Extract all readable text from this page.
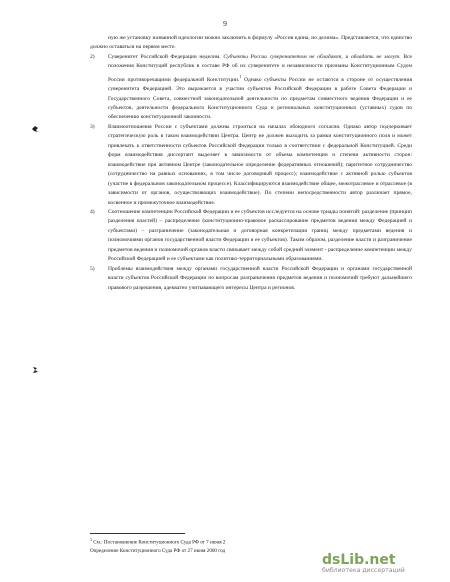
9

ную же установку названной идеологии можно заключить в формулу «Россия едина, но делима». Представляется, что единство должно оставаться на первом месте.

2)	Суверенитет Российской Федерации неделим. Субъекты России суверенитетом не обладают, и обладать не могут. Все положения Конституций республик в составе РФ об их суверенитете и независимости признаны Конституционным Судом России противоречащими федеральной Конституции.$^1$ Однако субъекты России не остаются в стороне от осуществления суверенитета Федерацией. Это выражается в участии субъектов Российской Федерации в работе Совета Федерации и Государственного Совета, совместной законодательной деятельности по предметам совместного ведения Федерации и ее субъектов, деятельности федерального Конституционного Суда и региональных конституционных (уставных) судов по обеспечению конституционной законности.
3)	Взаимоотношения России с субъектами должны строиться на началах обоюдного согласия. Однако автор подчеркивает стратегическую роль в таком взаимодействии Центра. Центр не должен выходить за рамки конституционного поля и может привлекать к ответственности субъектов Российской Федерации только в соответствии с федеральной Конституцией. Среди форм взаимодействия диссертант выделяет в зависимости от объема компетенции и степени активности сторон: взаимодействие при активном Центре (законодательное определение федеративных отношений); паритетное сотрудничество (сотрудничество на равных основаниях, в том числе договорный процесс); взаимодействие с активной ролью субъектов (участие в федеральном законодательном процессе). Классифицируются взаимодействие общее, межотраслевое и отраслевое (в зависимости от органов, осуществляющих взаимодействие). По степени непосредственности автор различает прямое, косвенное и промежуточное взаимодействие.
4)	Соотношение компетенции Российской Федерации и ее субъектов исследуется на основе триады понятий: разделение (принцип разделения властей) – распределение (конституционно-правовое раскассирование предметов ведения между Федерацией и субъектами) – разграничение (законодательная и договорная конкретизация границ между предметами ведения и полномочиями органов государственной власти Федерации и ее субъектов). Таким образом, разделение власти и разграничение предметов ведения и полномочий органов власти связывает между собой средний элемент - распределение компетенции между Российской Федерацией и ее субъектами как политико-территориальными образованиями.
5)	Проблемы взаимодействия между органами государственной власти Российской Федерации и органами государственной власти субъектов Российской Федерации по вопросам разграничения предметов ведения и полномочий требуют дальнейшего правового разрешения, адекватно учитывающего интересы Центра и регионов.
$^1$ См.: Постановление Конституционного Суда РФ от 7 июня 2
Определение Конституционного Суда РФ от 27 июня 2000 год
dsLib.net
библиотека диссертаций
